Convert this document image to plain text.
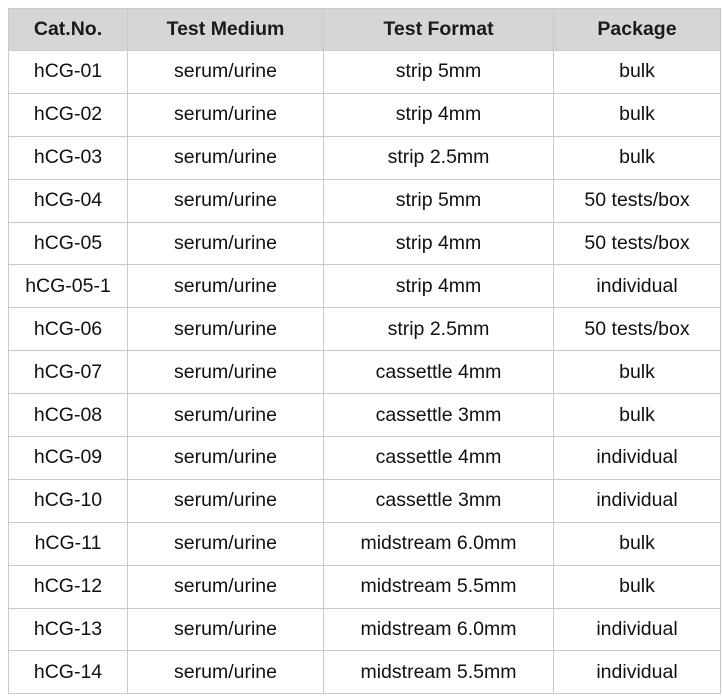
Cat.No.	Test Medium	Test Format	Package
hCG-01	serum/urine	strip 5mm	bulk
hCG-02	serum/urine	strip 4mm	bulk
hCG-03	serum/urine	strip 2.5mm	bulk
hCG-04	serum/urine	strip 5mm	50 tests/box
hCG-05	serum/urine	strip 4mm	50 tests/box
hCG-05-1	serum/urine	strip 4mm	individual
hCG-06	serum/urine	strip 2.5mm	50 tests/box
hCG-07	serum/urine	cassettle 4mm	bulk
hCG-08	serum/urine	cassettle 3mm	bulk
hCG-09	serum/urine	cassettle 4mm	individual
hCG-10	serum/urine	cassettle 3mm	individual
hCG-11	serum/urine	midstream 6.0mm	bulk
hCG-12	serum/urine	midstream 5.5mm	bulk
hCG-13	serum/urine	midstream 6.0mm	individual
hCG-14	serum/urine	midstream 5.5mm	individual
